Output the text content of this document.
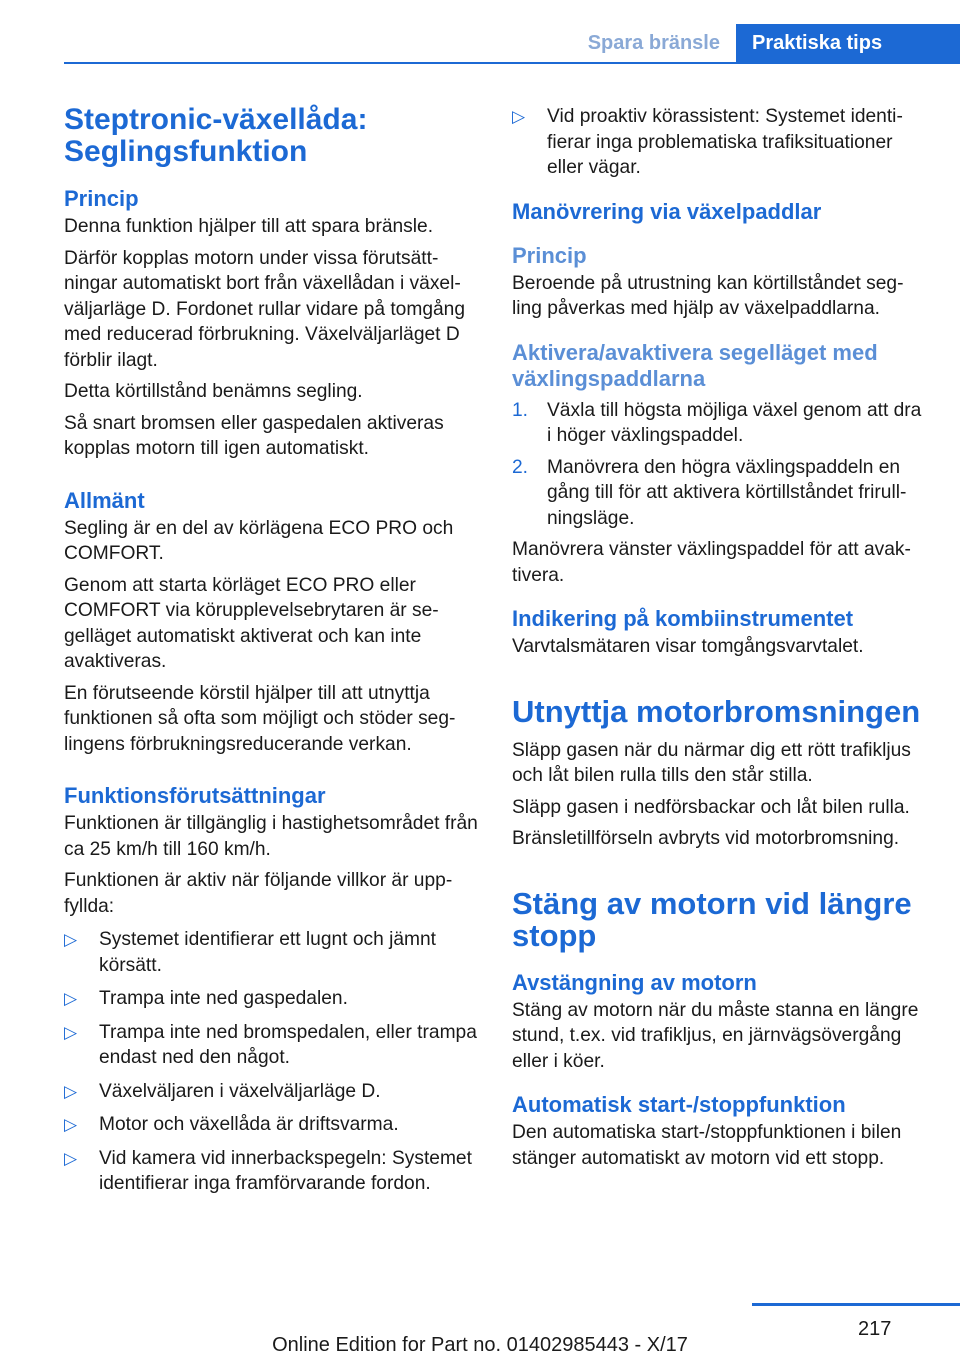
Spara bränsle	Praktiska tips
Steptronic-växellåda: Seglingsfunktion
Princip

Denna funktion hjälper till att spara bränsle.

Därför kopplas motorn under vissa förutsättningar automatiskt bort från växellådan i växelväljarläge D. Fordonet rullar vidare på tomgång med reducerad förbrukning. Växelväljarläget D förblir ilagt.

Detta körtillstånd benämns segling.

Så snart bromsen eller gaspedalen aktiveras kopplas motorn till igen automatiskt.

Allmänt

Segling är en del av körlägena ECO PRO och COMFORT.

Genom att starta körläget ECO PRO eller COMFORT via körupplevelsebrytaren är segelläget automatiskt aktiverat och kan inte avaktiveras.

En förutseende körstil hjälper till att utnyttja funktionen så ofta som möjligt och stöder seglingens förbrukningsreducerande verkan.

Funktionsförutsättningar

Funktionen är tillgänglig i hastighetsområdet från ca 25 km/h till 160 km/h.

Funktionen är aktiv när följande villkor är uppfyllda:

▷
Systemet identifierar ett lugnt och jämnt körsätt.
▷
Trampa inte ned gaspedalen.
▷
Trampa inte ned bromspedalen, eller trampa endast ned den något.
▷
Växelväljaren i växelväljarläge D.
▷
Motor och växellåda är driftsvarma.
▷
Vid kamera vid innerbackspegeln: Systemet identifierar inga framförvarande fordon.
▷
Vid proaktiv körassistent: Systemet identifierar inga problematiska trafiksituationer eller vägar.
Manövrering via växelpaddlar
Princip

Beroende på utrustning kan körtillståndet segling påverkas med hjälp av växelpaddlarna.

Aktivera/avaktivera segelläget med växlingspaddlarna
1. Växla till högsta möjliga växel genom att dra i höger växlingspaddel.
2. Manövrera den högra växlingspaddeln en gång till för att aktivera körtillståndet frirullningsläge.

Manövrera vänster växlingspaddel för att avaktivera.

Indikering på kombiinstrumentet

Varvtalsmätaren visar tomgångsvarvtalet.

Utnyttja motorbromsningen

Släpp gasen när du närmar dig ett rött trafikljus och låt bilen rulla tills den står stilla.

Släpp gasen i nedförsbackar och låt bilen rulla.

Bränsletillförseln avbryts vid motorbromsning.

Stäng av motorn vid längre stopp
Avstängning av motorn

Stäng av motorn när du måste stanna en längre stund, t.ex. vid trafikljus, en järnvägsövergång eller i köer.

Automatisk start-/stoppfunktion

Den automatiska start-/stoppfunktionen i bilen stänger automatiskt av motorn vid ett stopp.

217
Online Edition for Part no. 01402985443 - X/17
